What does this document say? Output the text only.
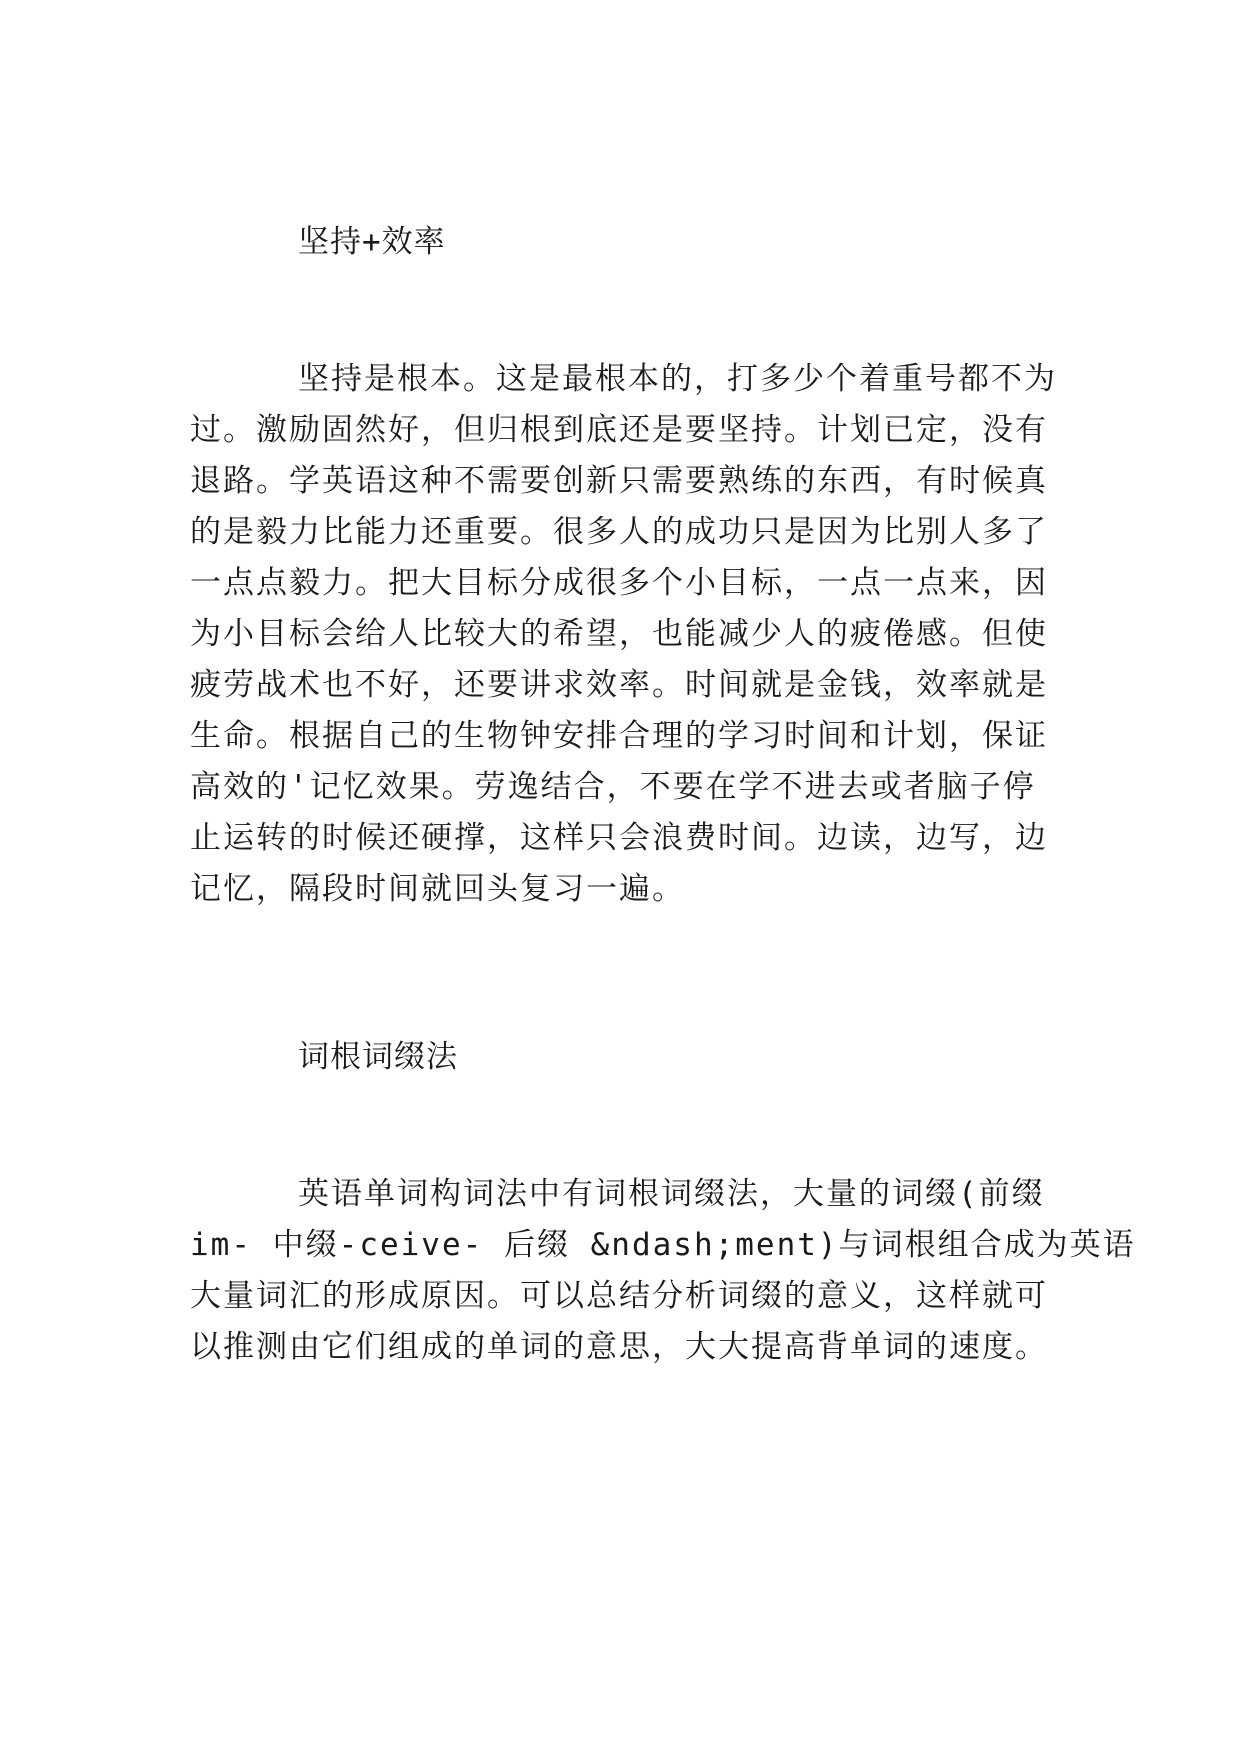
坚持+效率
坚持是根本。这是最根本的，打多少个着重号都不为
过。激励固然好，但归根到底还是要坚持。计划已定，没有
退路。学英语这种不需要创新只需要熟练的东西，有时候真
的是毅力比能力还重要。很多人的成功只是因为比别人多了
一点点毅力。把大目标分成很多个小目标，一点一点来，因
为小目标会给人比较大的希望，也能减少人的疲倦感。但使
疲劳战术也不好，还要讲求效率。时间就是金钱，效率就是
生命。根据自己的生物钟安排合理的学习时间和计划，保证
高效的'记忆效果。劳逸结合，不要在学不进去或者脑子停
止运转的时候还硬撑，这样只会浪费时间。边读，边写，边
记忆，隔段时间就回头复习一遍。
词根词缀法
英语单词构词法中有词根词缀法，大量的词缀(前缀
im- 中缀-ceive- 后缀 &ndash;ment)与词根组合成为英语
大量词汇的形成原因。可以总结分析词缀的意义，这样就可
以推测由它们组成的单词的意思，大大提高背单词的速度。
